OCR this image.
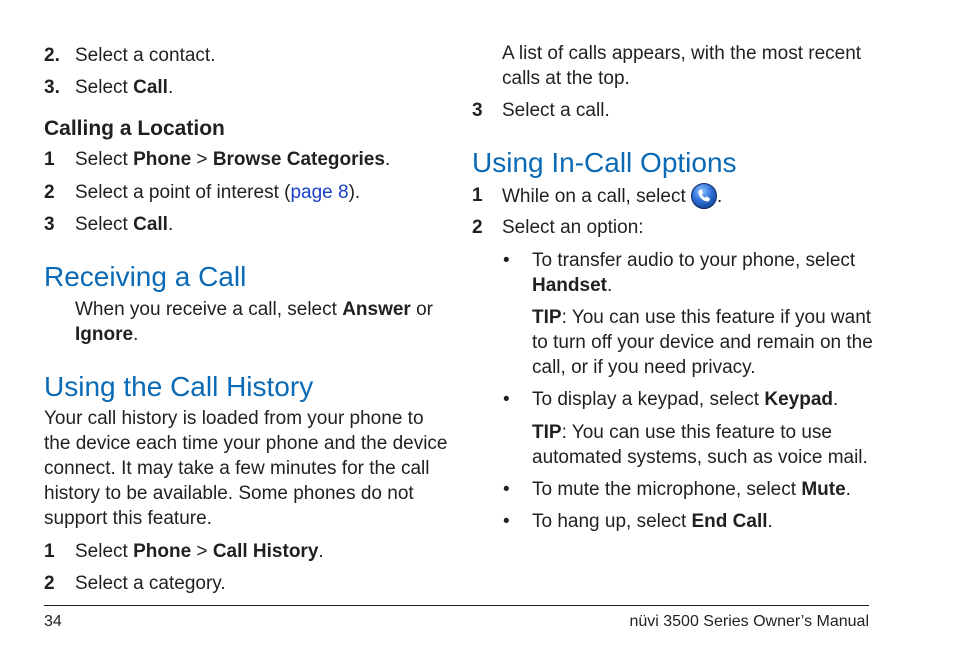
2. Select a contact.
3. Select Call.
Calling a Location
1 Select Phone > Browse Categories.
2 Select a point of interest (page 8).
3 Select Call.
Receiving a Call
When you receive a call, select Answer or
Ignore.
Using the Call History
Your call history is loaded from your phone to
the device each time your phone and the device
connect. It may take a few minutes for the call
history to be available. Some phones do not
support this feature.
1 Select Phone > Call History.
2 Select a category.
A list of calls appears, with the most recent
calls at the top.
3 Select a call.
Using In-Call Options
1 While on a call, select
.
2 Select an option:
• To transfer audio to your phone, select
Handset.
TIP: You can use this feature if you want
to turn off your device and remain on the
call, or if you need privacy.
• To display a keypad, select Keypad.
TIP: You can use this feature to use
automated systems, such as voice mail.
• To mute the microphone, select Mute.
• To hang up, select End Call.
34	nüvi 3500 Series Owner’s Manual
